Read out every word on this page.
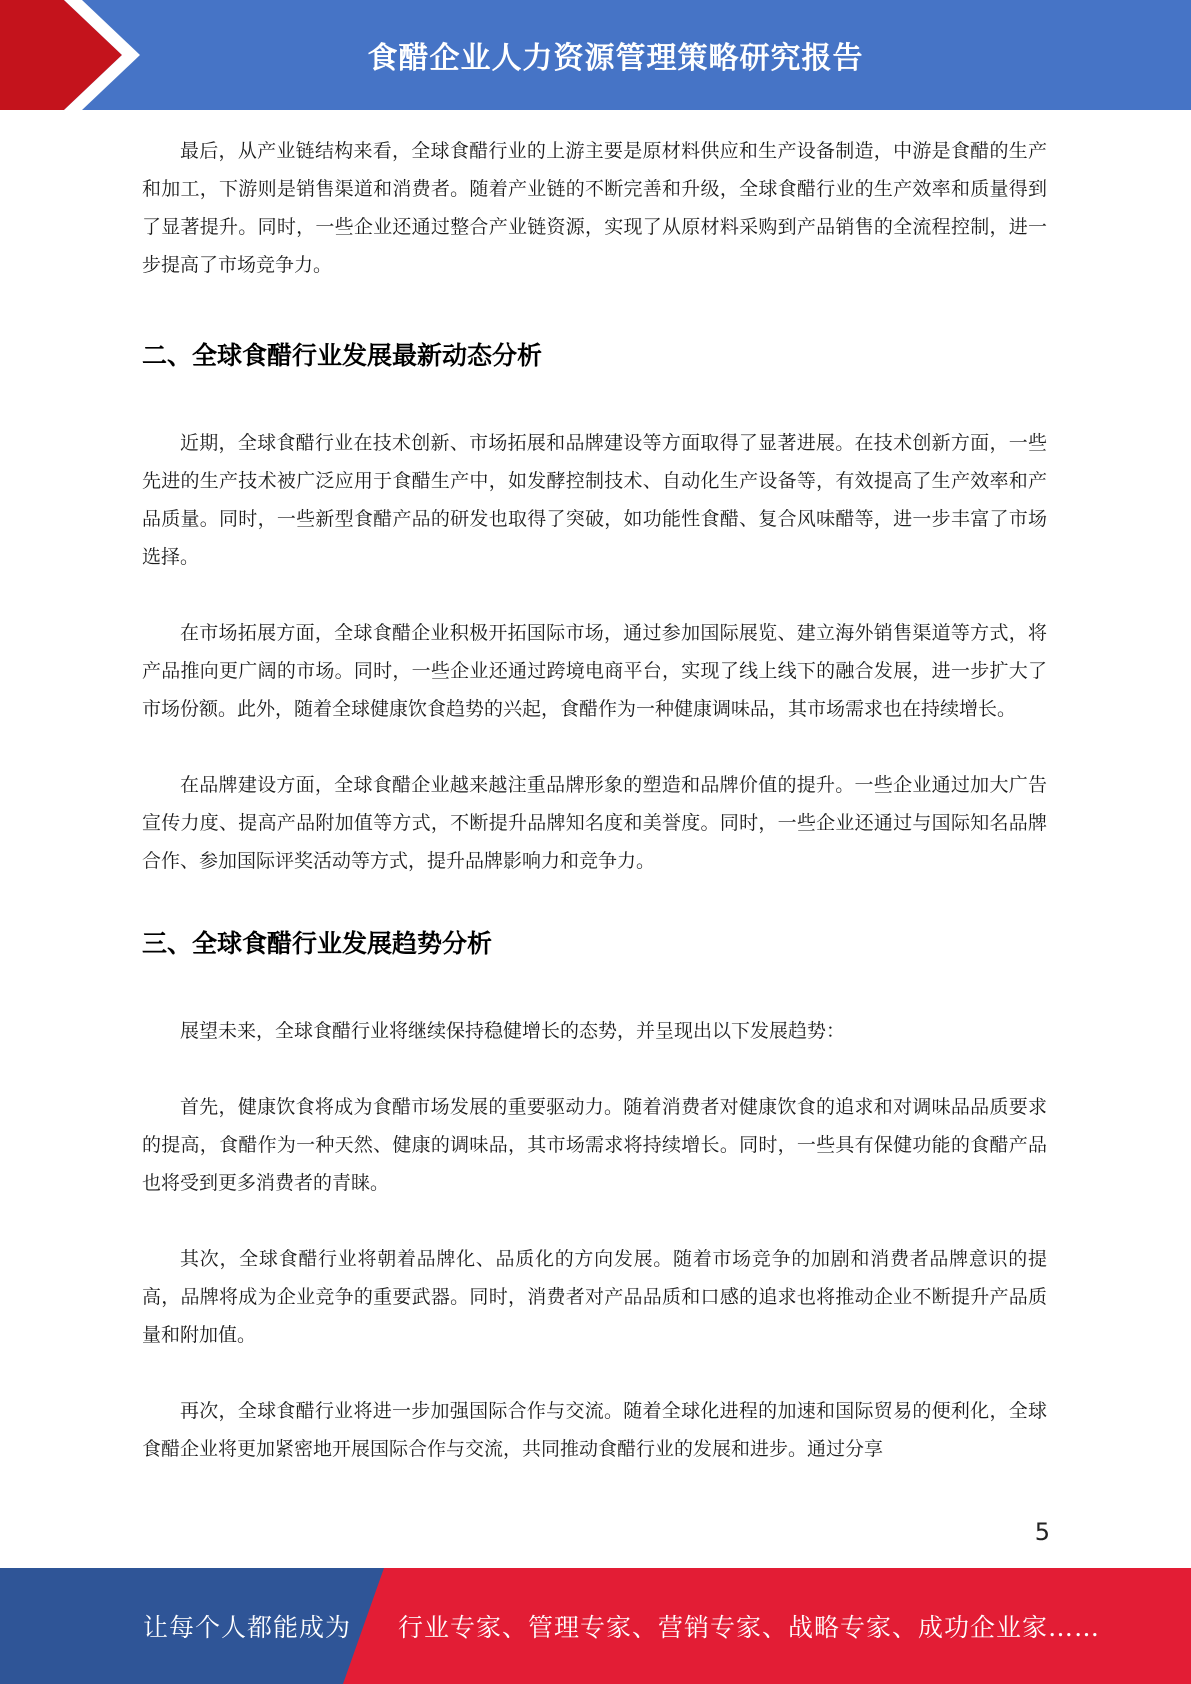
食醋企业人力资源管理策略研究报告

最后，从产业链结构来看，全球食醋行业的上游主要是原材料供应和生产设备制造，中游是食醋的生产和加工，下游则是销售渠道和消费者。随着产业链的不断完善和升级，全球食醋行业的生产效率和质量得到了显著提升。同时，一些企业还通过整合产业链资源，实现了从原材料采购到产品销售的全流程控制，进一步提高了市场竞争力。

二、全球食醋行业发展最新动态分析

近期，全球食醋行业在技术创新、市场拓展和品牌建设等方面取得了显著进展。在技术创新方面，一些先进的生产技术被广泛应用于食醋生产中，如发酵控制技术、自动化生产设备等，有效提高了生产效率和产品质量。同时，一些新型食醋产品的研发也取得了突破，如功能性食醋、复合风味醋等，进一步丰富了市场选择。

在市场拓展方面，全球食醋企业积极开拓国际市场，通过参加国际展览、建立海外销售渠道等方式，将产品推向更广阔的市场。同时，一些企业还通过跨境电商平台，实现了线上线下的融合发展，进一步扩大了市场份额。此外，随着全球健康饮食趋势的兴起，食醋作为一种健康调味品，其市场需求也在持续增长。

在品牌建设方面，全球食醋企业越来越注重品牌形象的塑造和品牌价值的提升。一些企业通过加大广告宣传力度、提高产品附加值等方式，不断提升品牌知名度和美誉度。同时，一些企业还通过与国际知名品牌合作、参加国际评奖活动等方式，提升品牌影响力和竞争力。

三、全球食醋行业发展趋势分析

展望未来，全球食醋行业将继续保持稳健增长的态势，并呈现出以下发展趋势：

首先，健康饮食将成为食醋市场发展的重要驱动力。随着消费者对健康饮食的追求和对调味品品质要求的提高，食醋作为一种天然、健康的调味品，其市场需求将持续增长。同时，一些具有保健功能的食醋产品也将受到更多消费者的青睐。

其次，全球食醋行业将朝着品牌化、品质化的方向发展。随着市场竞争的加剧和消费者品牌意识的提高，品牌将成为企业竞争的重要武器。同时，消费者对产品品质和口感的追求也将推动企业不断提升产品质量和附加值。

再次，全球食醋行业将进一步加强国际合作与交流。随着全球化进程的加速和国际贸易的便利化，全球食醋企业将更加紧密地开展国际合作与交流，共同推动食醋行业的发展和进步。通过分享

5
让每个人都能成为 行业专家、管理专家、营销专家、战略专家、成功企业家……
